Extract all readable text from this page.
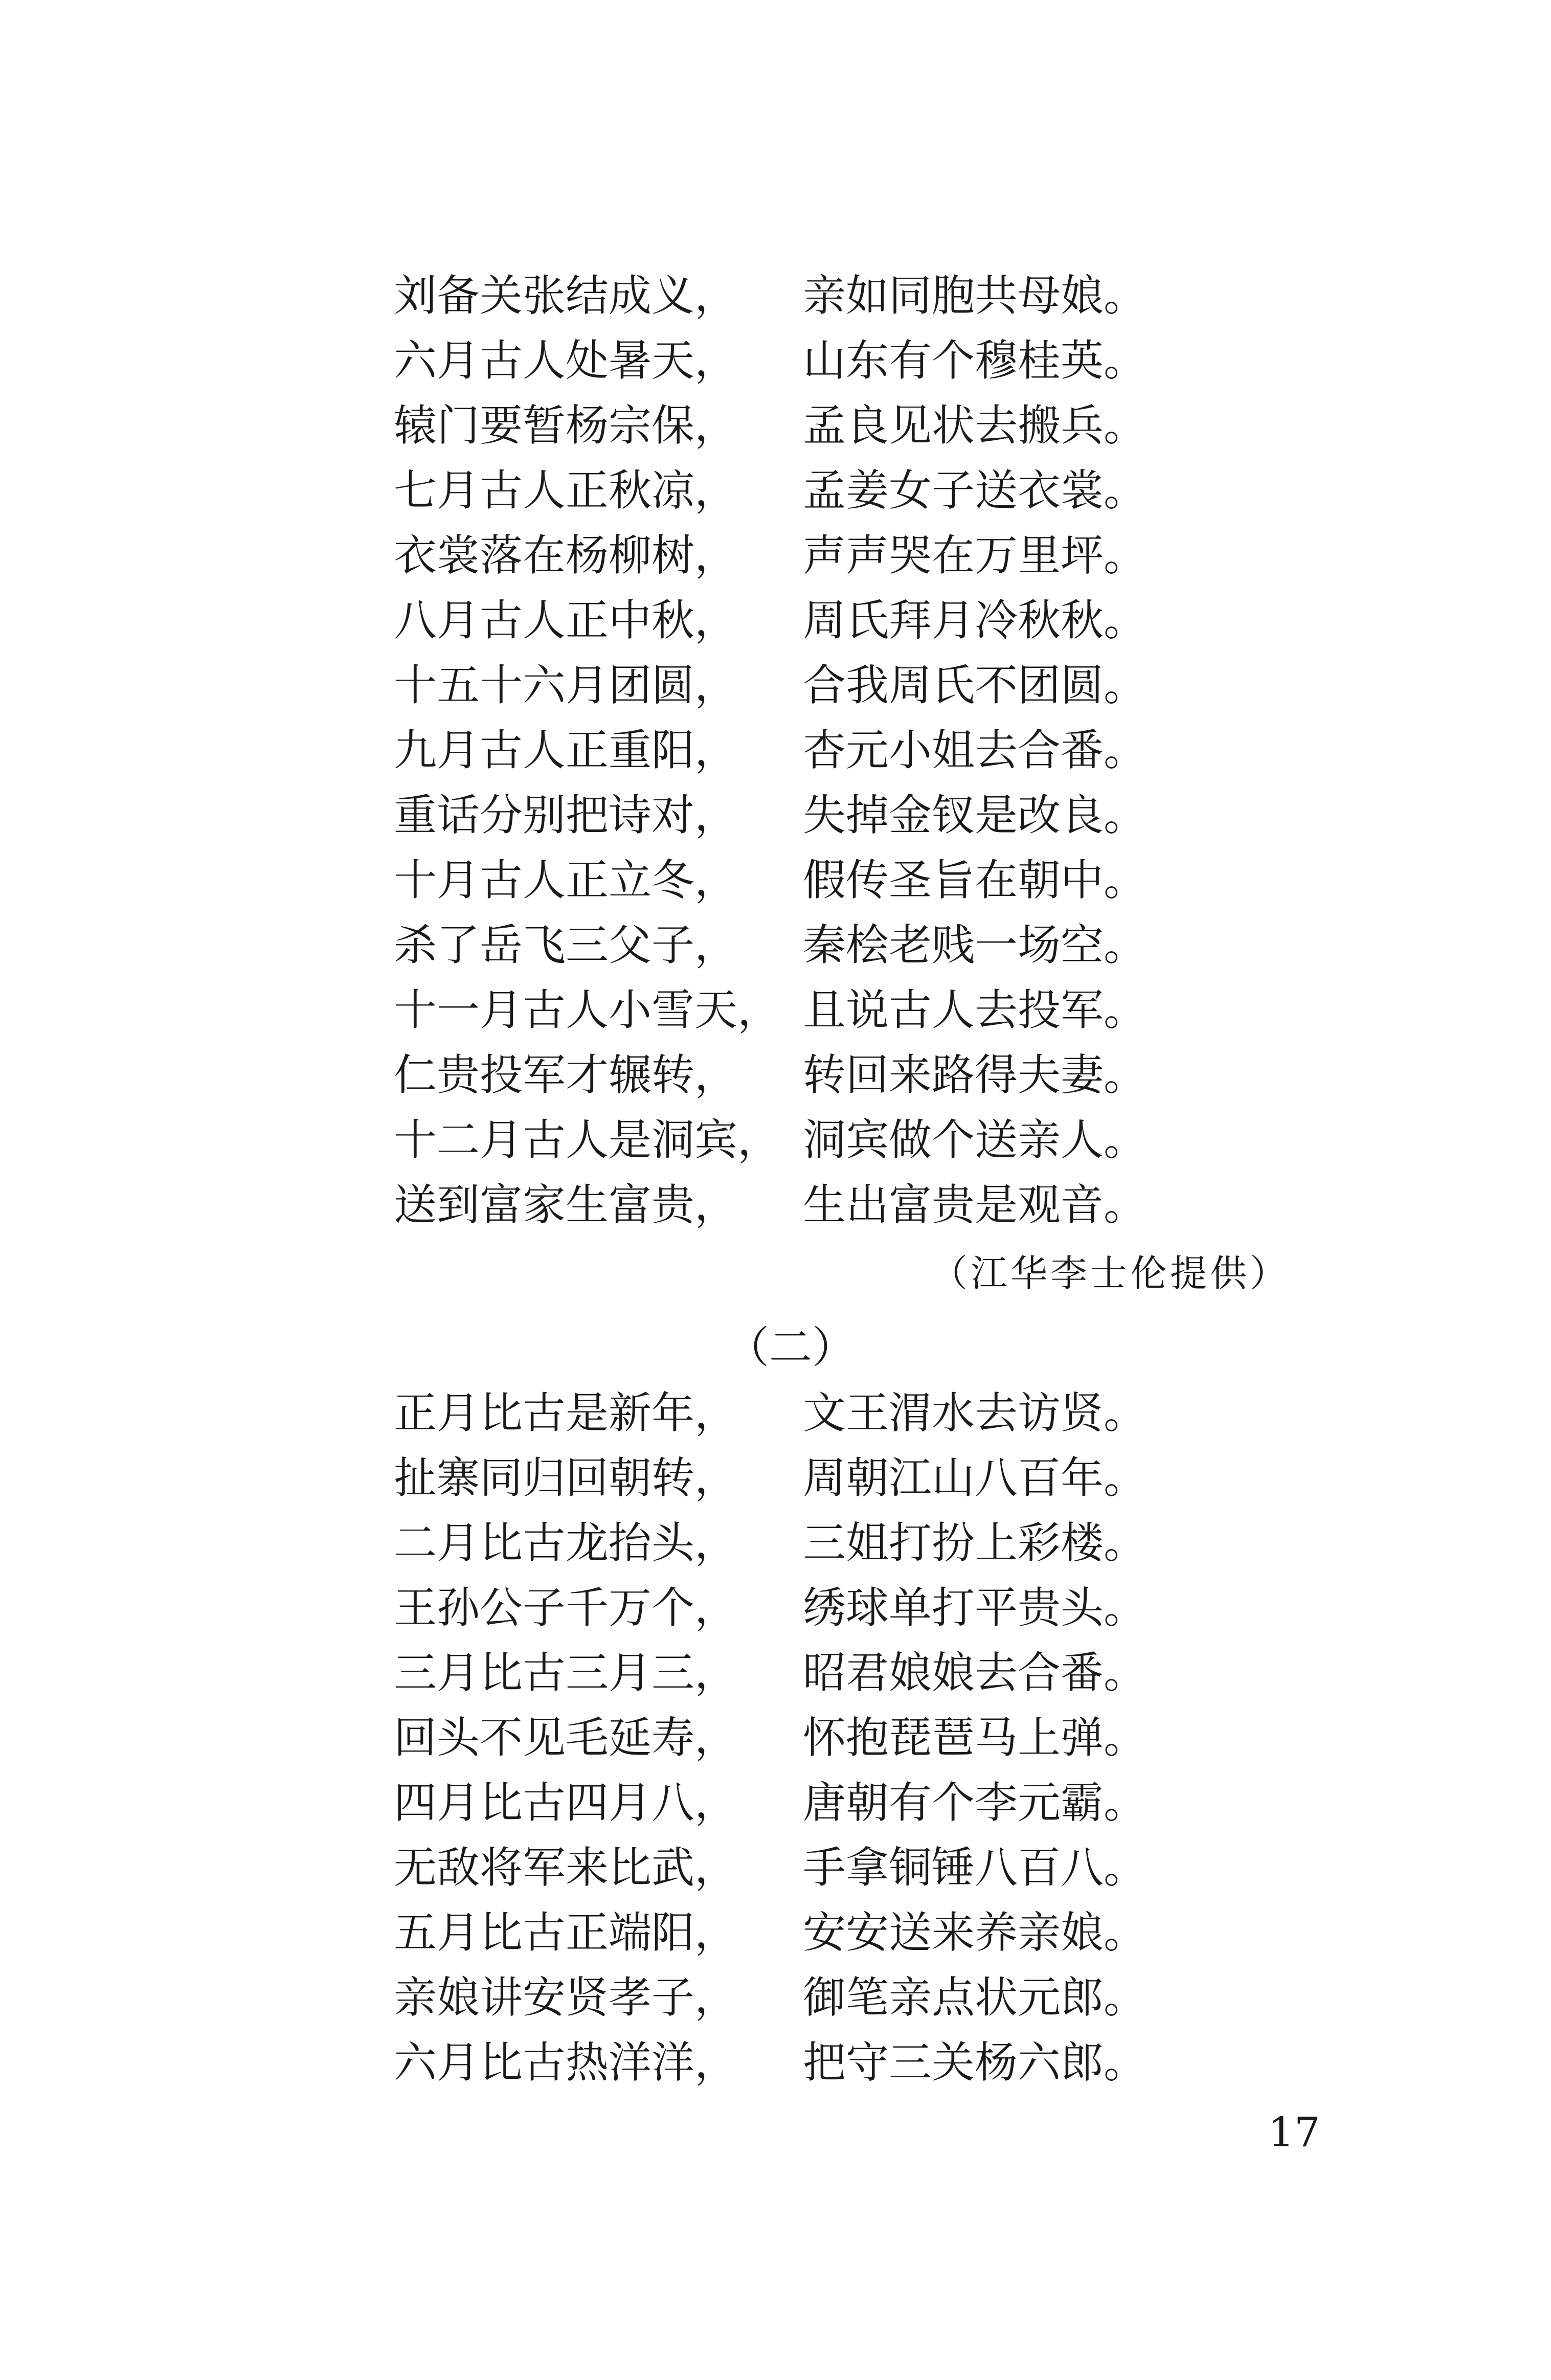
刘备关张结成义， 亲如同胞共母娘。
六月古人处暑天， 山东有个穆桂英。
辕门要暂杨宗保， 孟良见状去搬兵。
七月古人正秋凉， 孟姜女子送衣裳。
衣裳落在杨柳树， 声声哭在万里坪。
八月古人正中秋， 周氏拜月冷秋秋。
十五十六月团圆， 合我周氏不团圆。
九月古人正重阳， 杏元小姐去合番。
重话分别把诗对， 失掉金钗是改良。
十月古人正立冬， 假传圣旨在朝中。
杀了岳飞三父子， 秦桧老贱一场空。
十一月古人小雪天， 且说古人去投军。
仁贵投军才辗转， 转回来路得夫妻。
十二月古人是洞宾， 洞宾做个送亲人。
送到富家生富贵， 生出富贵是观音。
（江华李士伦提供）
（二）
正月比古是新年， 文王渭水去访贤。
扯寨同归回朝转， 周朝江山八百年。
二月比古龙抬头， 三姐打扮上彩楼。
王孙公子千万个， 绣球单打平贵头。
三月比古三月三， 昭君娘娘去合番。
回头不见毛延寿， 怀抱琵琶马上弹。
四月比古四月八， 唐朝有个李元霸。
无敌将军来比武， 手拿铜锤八百八。
五月比古正端阳， 安安送来养亲娘。
亲娘讲安贤孝子， 御笔亲点状元郎。
六月比古热洋洋， 把守三关杨六郎。
17
